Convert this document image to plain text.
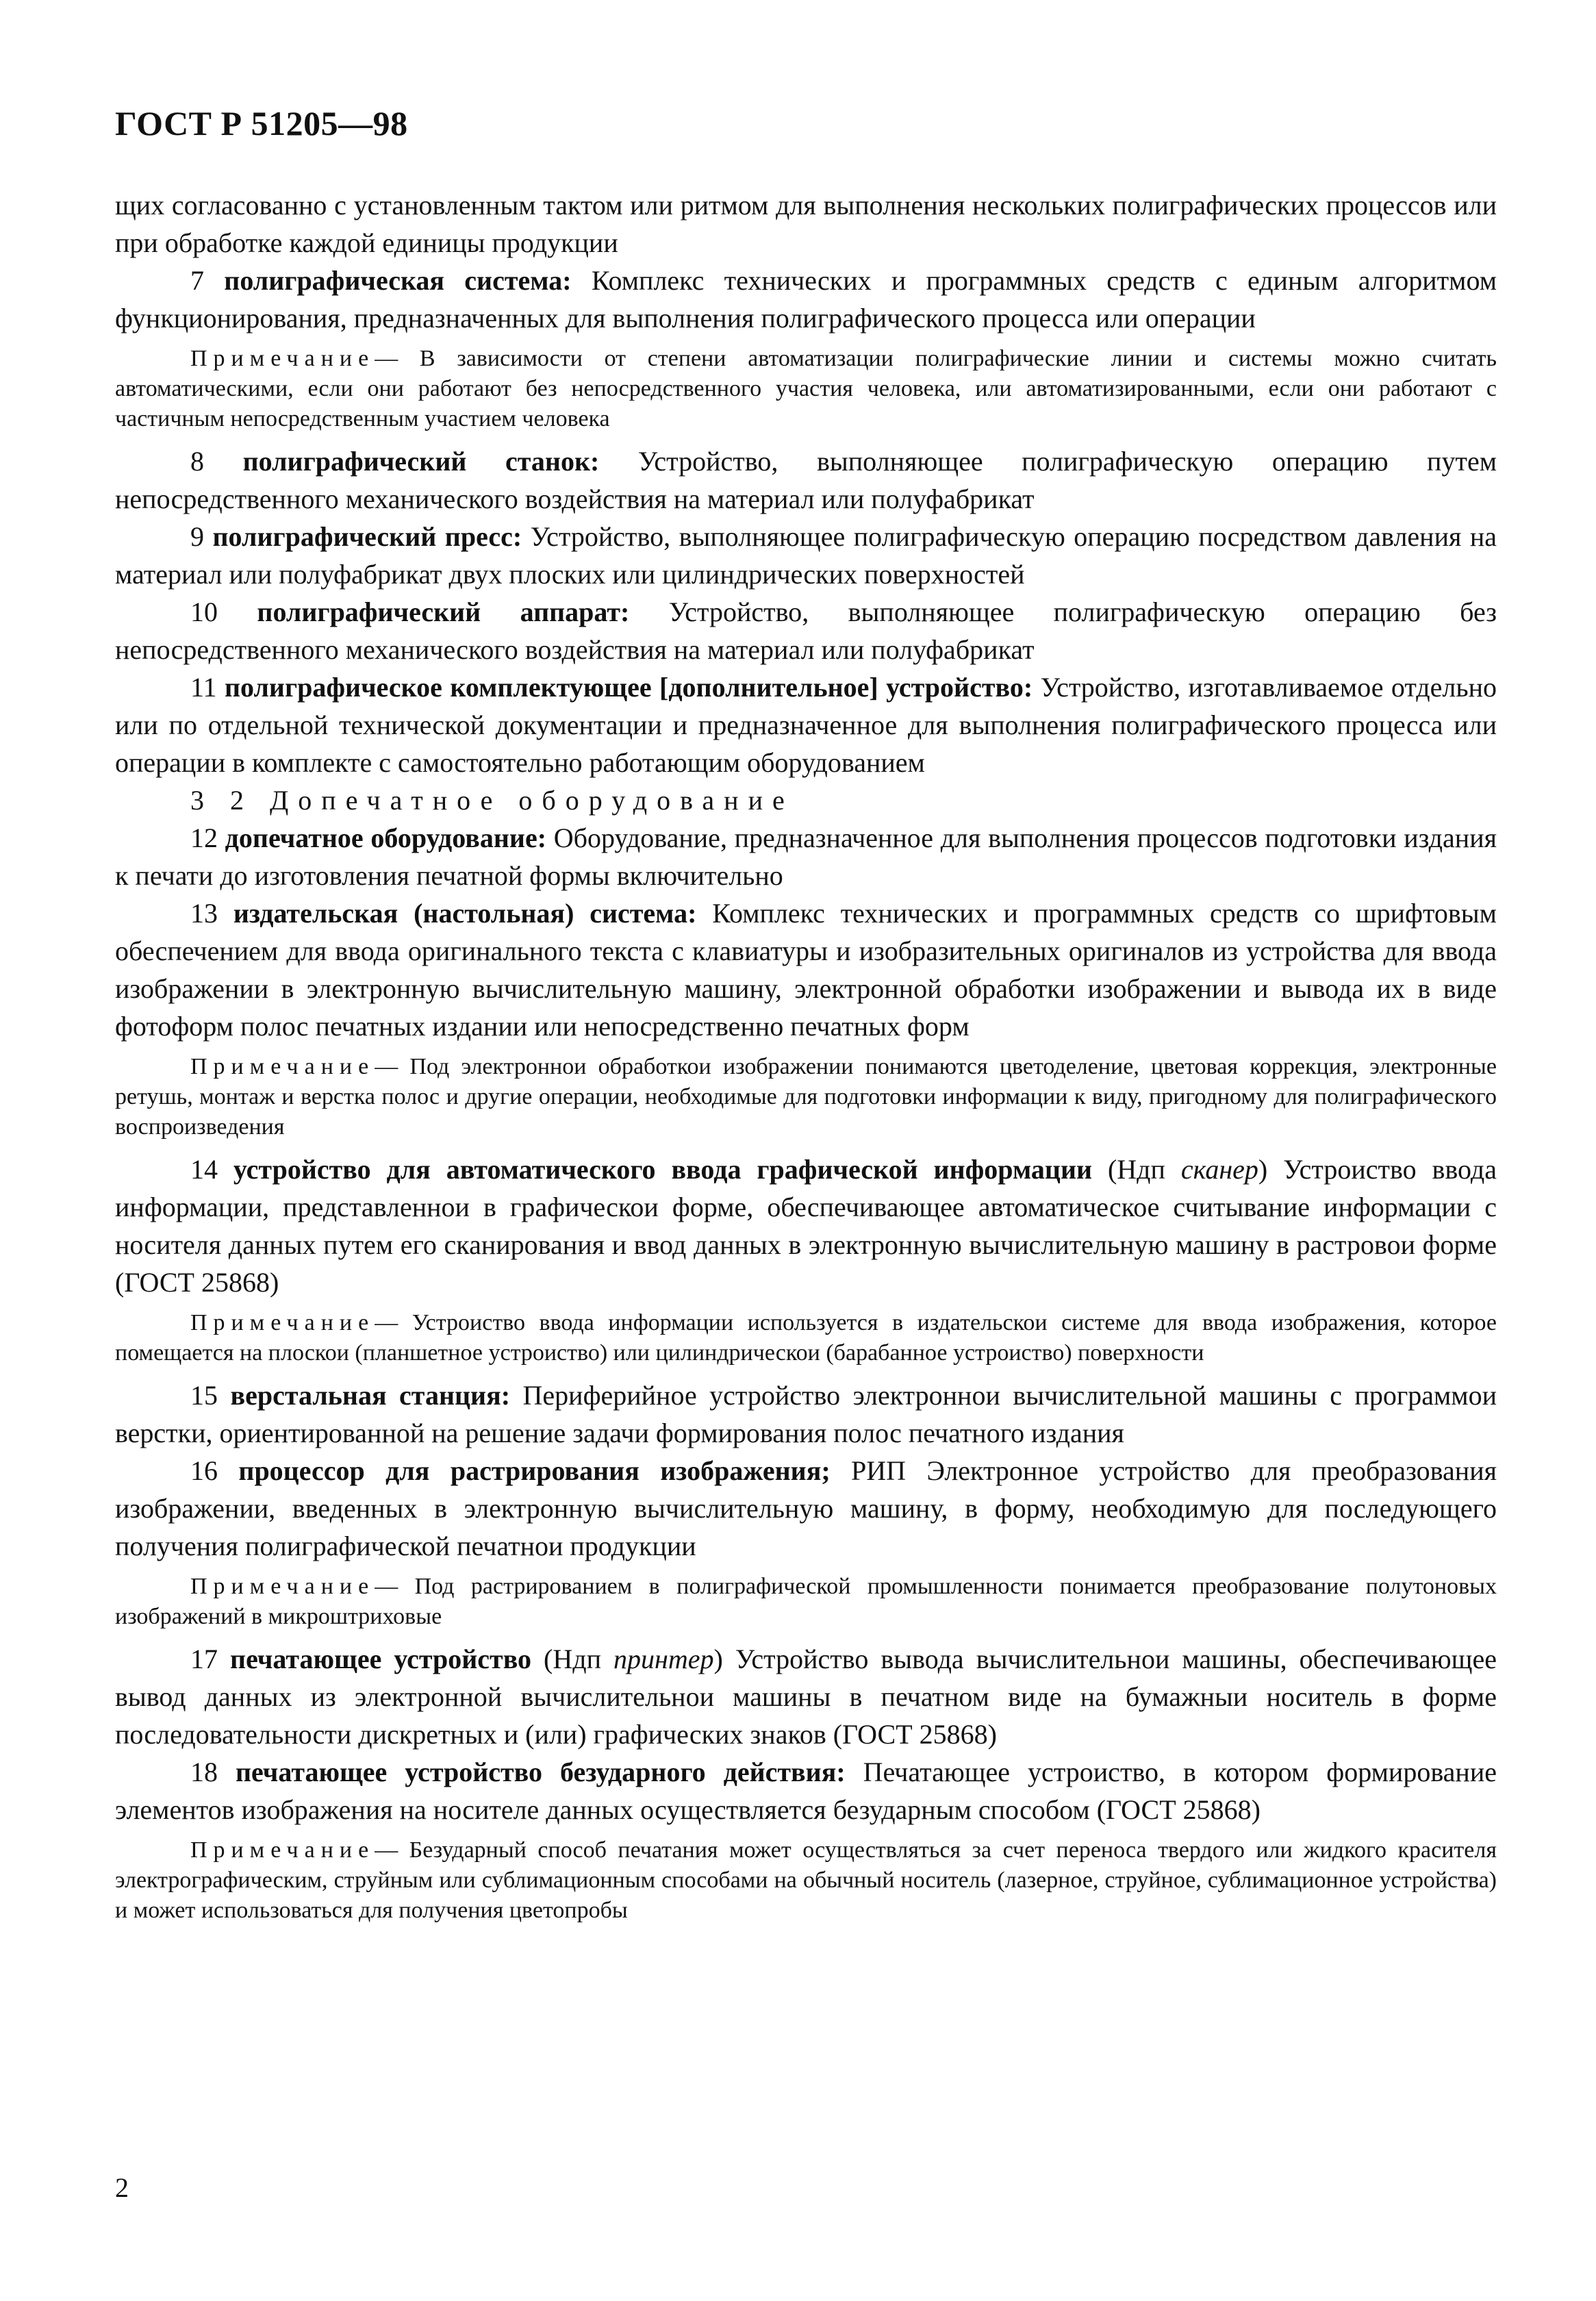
ГОСТ Р 51205—98

щих согласованно с установленным тактом или ритмом для выполнения нескольких полиграфических процессов или при обработке каждой единицы продукции

7 полиграфическая система: Комплекс технических и программных средств с единым алгоритмом функционирования, предназначенных для выполнения полиграфического процесса или операции

Примечание— В зависимости от степени автоматизации полиграфические линии и системы можно считать автоматическими, если они работают без непосредственного участия человека, или автоматизированными, если они работают с частичным непосредственным участием человека

8 полиграфический станок: Устройство, выполняющее полиграфическую операцию путем непосредственного механического воздействия на материал или полуфабрикат

9 полиграфический пресс: Устройство, выполняющее полиграфическую операцию посредством давления на материал или полуфабрикат двух плоских или цилиндрических поверхностей

10 полиграфический аппарат: Устройство, выполняющее полиграфическую операцию без непосредственного механического воздействия на материал или полуфабрикат

11 полиграфическое комплектующее [дополнительное] устройство: Устройство, изготавливаемое отдельно или по отдельной технической документации и предназначенное для выполнения полиграфического процесса или операции в комплекте с самостоятельно работающим оборудованием

3 2 Допечатное оборудование

12 допечатное оборудование: Оборудование, предназначенное для выполнения процессов подготовки издания к печати до изготовления печатной формы включительно

13 издательская (настольная) система: Комплекс технических и программных средств со шрифтовым обеспечением для ввода оригинального текста с клавиатуры и изобразительных оригиналов из устройства для ввода изображении в электронную вычислительную машину, электронной обработки изображении и вывода их в виде фотоформ полос печатных издании или непосредственно печатных форм

Примечание— Под электроннои обработкои изображении понимаются цветоделение, цветовая коррекция, электронные ретушь, монтаж и верстка полос и другие операции, необходимые для подготовки информации к виду, пригодному для полиграфического воспроизведения

14 устройство для автоматического ввода графической информации (Ндп сканер) Устроиство ввода информации, представленнои в графическои форме, обеспечивающее автоматическое считывание информации с носителя данных путем его сканирования и ввод данных в электронную вычислительную машину в растровои форме (ГОСТ 25868)

Примечание— Устроиство ввода информации используется в издательскои системе для ввода изображения, которое помещается на плоскои (планшетное устроиство) или цилиндрическои (барабанное устроиство) поверхности

15 верстальная станция: Периферийное устройство электроннои вычислительной машины с программои верстки, ориентированной на решение задачи формирования полос печатного издания

16 процессор для растрирования изображения; РИП Электронное устройство для преобразования изображении, введенных в электронную вычислительную машину, в форму, необходимую для последующего получения полиграфической печатнои продукции

Примечание— Под растрированием в полиграфической промышленности понимается преобразование полутоновых изображений в микроштриховые

17 печатающее устройство (Ндп принтер) Устройство вывода вычислительнои машины, обеспечивающее вывод данных из электронной вычислительнои машины в печатном виде на бумажныи носитель в форме последовательности дискретных и (или) графических знаков (ГОСТ 25868)

18 печатающее устройство безударного действия: Печатающее устроиство, в котором формирование элементов изображения на носителе данных осуществляется безударным способом (ГОСТ 25868)

Примечание— Безударный способ печатания может осуществляться за счет переноса твердого или жидкого красителя электрографическим, струйным или сублимационным способами на обычный носитель (лазерное, струйное, сублимационное устройства) и может использоваться для получения цветопробы

2
